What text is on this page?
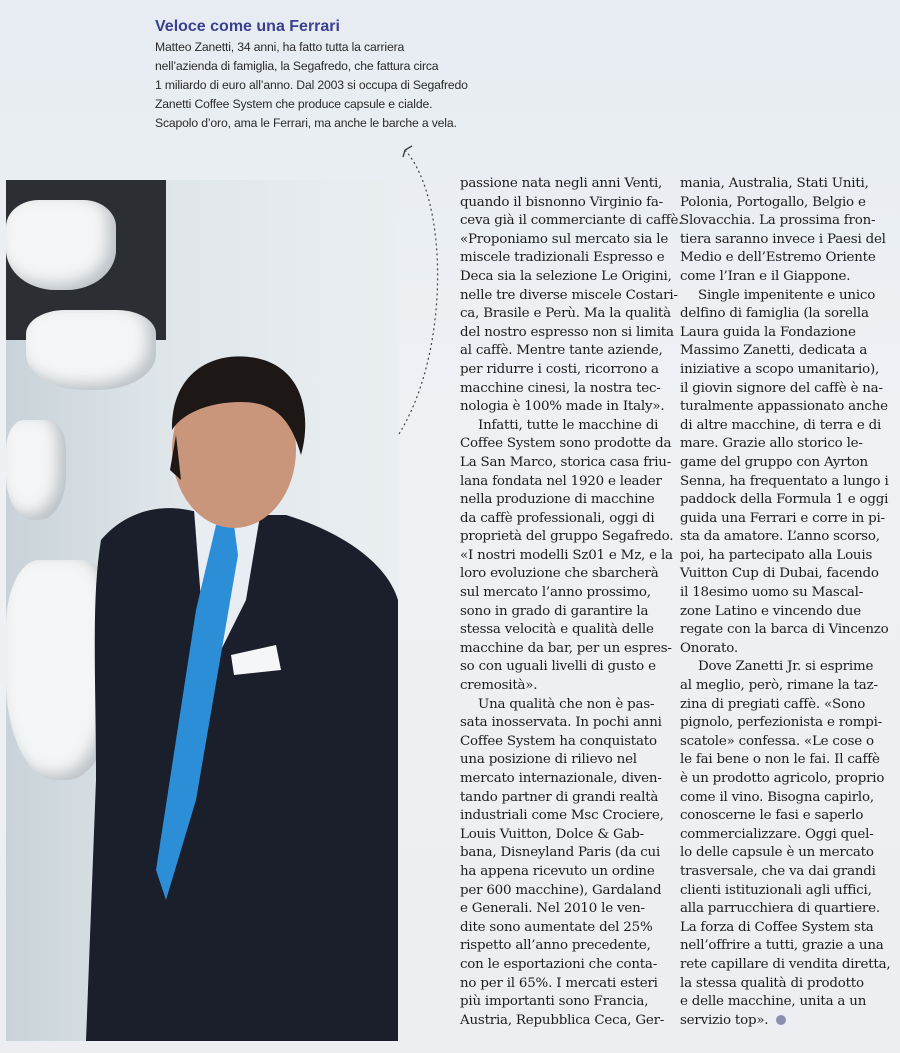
Veloce come una Ferrari
Matteo Zanetti, 34 anni, ha fatto tutta la carriera
nell’azienda di famiglia, la Segafredo, che fattura circa
1 miliardo di euro all’anno. Dal 2003 si occupa di Segafredo
Zanetti Coffee System che produce capsule e cialde.
Scapolo d’oro, ama le Ferrari, ma anche le barche a vela.
passione nata negli anni Venti,
quando il bisnonno Virginio fa-
ceva già il commerciante di caffè.
«Proponiamo sul mercato sia le
miscele tradizionali Espresso e
Deca sia la selezione Le Origini,
nelle tre diverse miscele Costari-
ca, Brasile e Perù. Ma la qualità
del nostro espresso non si limita
al caffè. Mentre tante aziende,
per ridurre i costi, ricorrono a
macchine cinesi, la nostra tec-
nologia è 100% made in Italy».
Infatti, tutte le macchine di
Coffee System sono prodotte da
La San Marco, storica casa friu-
lana fondata nel 1920 e leader
nella produzione di macchine
da caffè professionali, oggi di
proprietà del gruppo Segafredo.
«I nostri modelli Sz01 e Mz, e la
loro evoluzione che sbarcherà
sul mercato l’anno prossimo,
sono in grado di garantire la
stessa velocità e qualità delle
macchine da bar, per un espres-
so con uguali livelli di gusto e
cremosità».
Una qualità che non è pas-
sata inosservata. In pochi anni
Coffee System ha conquistato
una posizione di rilievo nel
mercato internazionale, diven-
tando partner di grandi realtà
industriali come Msc Crociere,
Louis Vuitton, Dolce & Gab-
bana, Disneyland Paris (da cui
ha appena ricevuto un ordine
per 600 macchine), Gardaland
e Generali. Nel 2010 le ven-
dite sono aumentate del 25%
rispetto all’anno precedente,
con le esportazioni che conta-
no per il 65%. I mercati esteri
più importanti sono Francia,
Austria, Repubblica Ceca, Ger-
mania, Australia, Stati Uniti,
Polonia, Portogallo, Belgio e
Slovacchia. La prossima fron-
tiera saranno invece i Paesi del
Medio e dell’Estremo Oriente
come l’Iran e il Giappone.
Single impenitente e unico
delfino di famiglia (la sorella
Laura guida la Fondazione
Massimo Zanetti, dedicata a
iniziative a scopo umanitario),
il giovin signore del caffè è na-
turalmente appassionato anche
di altre macchine, di terra e di
mare. Grazie allo storico le-
game del gruppo con Ayrton
Senna, ha frequentato a lungo i
paddock della Formula 1 e oggi
guida una Ferrari e corre in pi-
sta da amatore. L’anno scorso,
poi, ha partecipato alla Louis
Vuitton Cup di Dubai, facendo
il 18esimo uomo su Mascal-
zone Latino e vincendo due
regate con la barca di Vincenzo
Onorato.
Dove Zanetti Jr. si esprime
al meglio, però, rimane la taz-
zina di pregiati caffè. «Sono
pignolo, perfezionista e rompi-
scatole» confessa. «Le cose o
le fai bene o non le fai. Il caffè
è un prodotto agricolo, proprio
come il vino. Bisogna capirlo,
conoscerne le fasi e saperlo
commercializzare. Oggi quel-
lo delle capsule è un mercato
trasversale, che va dai grandi
clienti istituzionali agli uffici,
alla parrucchiera di quartiere.
La forza di Coffee System sta
nell’offrire a tutti, grazie a una
rete capillare di vendita diretta,
la stessa qualità di prodotto
e delle macchine, unita a un
servizio top».
